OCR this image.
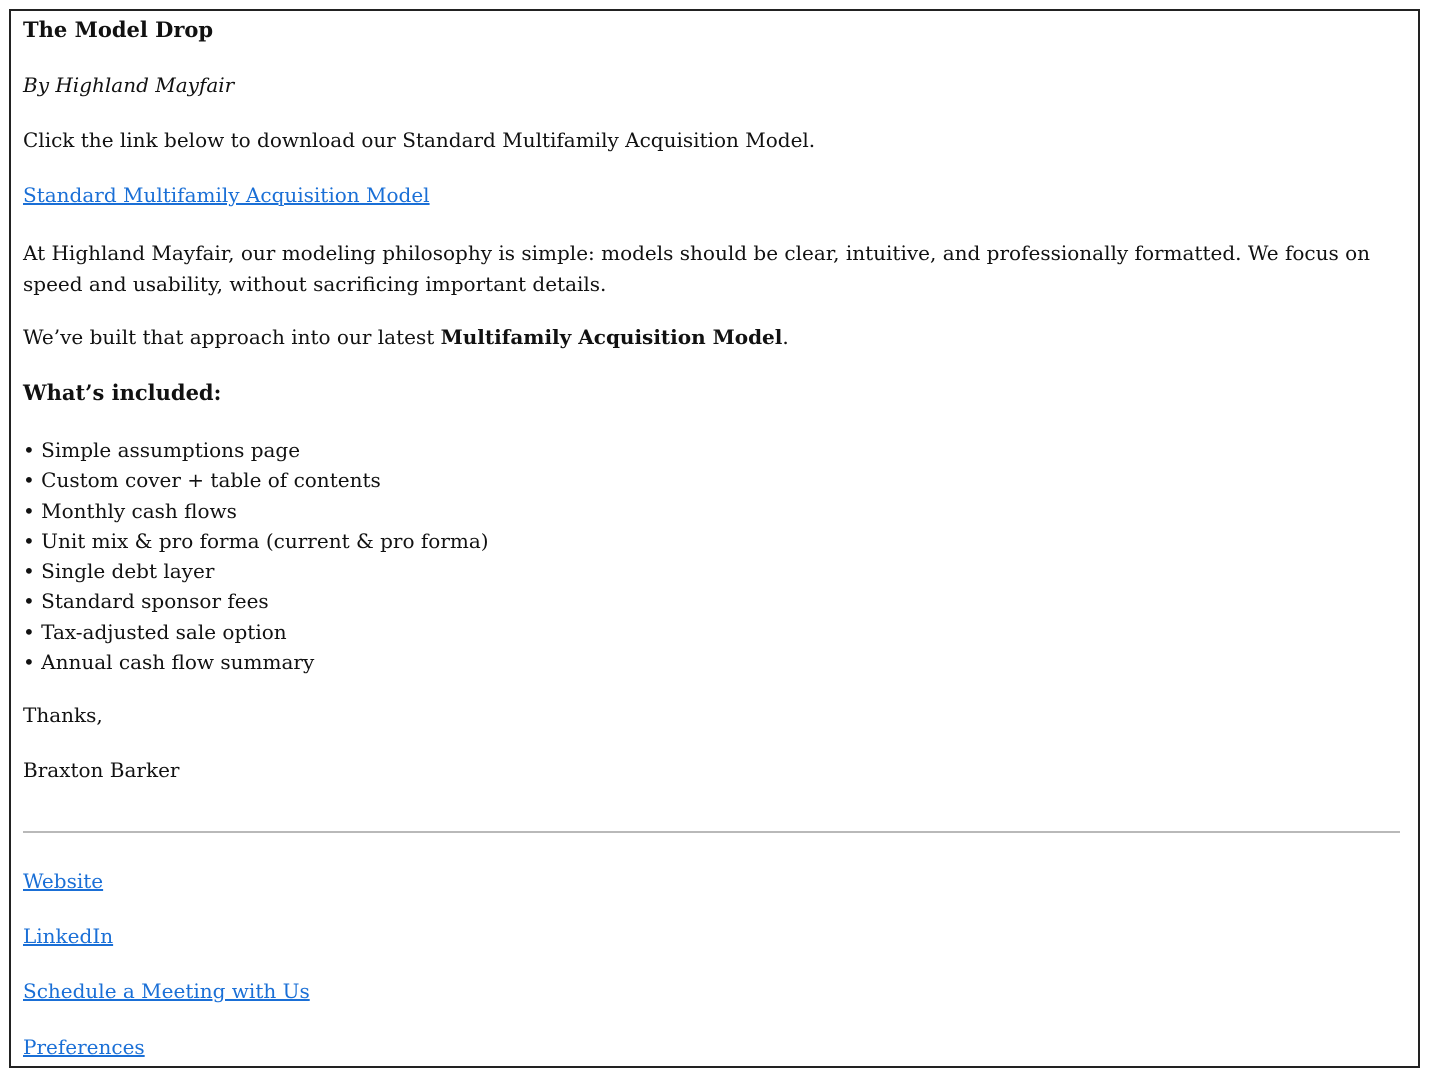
The Model Drop
By Highland Mayfair
Click the link below to download our Standard Multifamily Acquisition Model.
Standard Multifamily Acquisition Model

At Highland Mayfair, our modeling philosophy is simple: models should be clear, intuitive, and professionally formatted. We focus on speed and usability, without sacrificing important details.

We’ve built that approach into our latest Multifamily Acquisition Model.
What’s included:
• Simple assumptions page
• Custom cover + table of contents
• Monthly cash flows
• Unit mix & pro forma (current & pro forma)
• Single debt layer
• Standard sponsor fees
• Tax-adjusted sale option
• Annual cash flow summary
Thanks,
Braxton Barker
Website
LinkedIn
Schedule a Meeting with Us
Preferences
